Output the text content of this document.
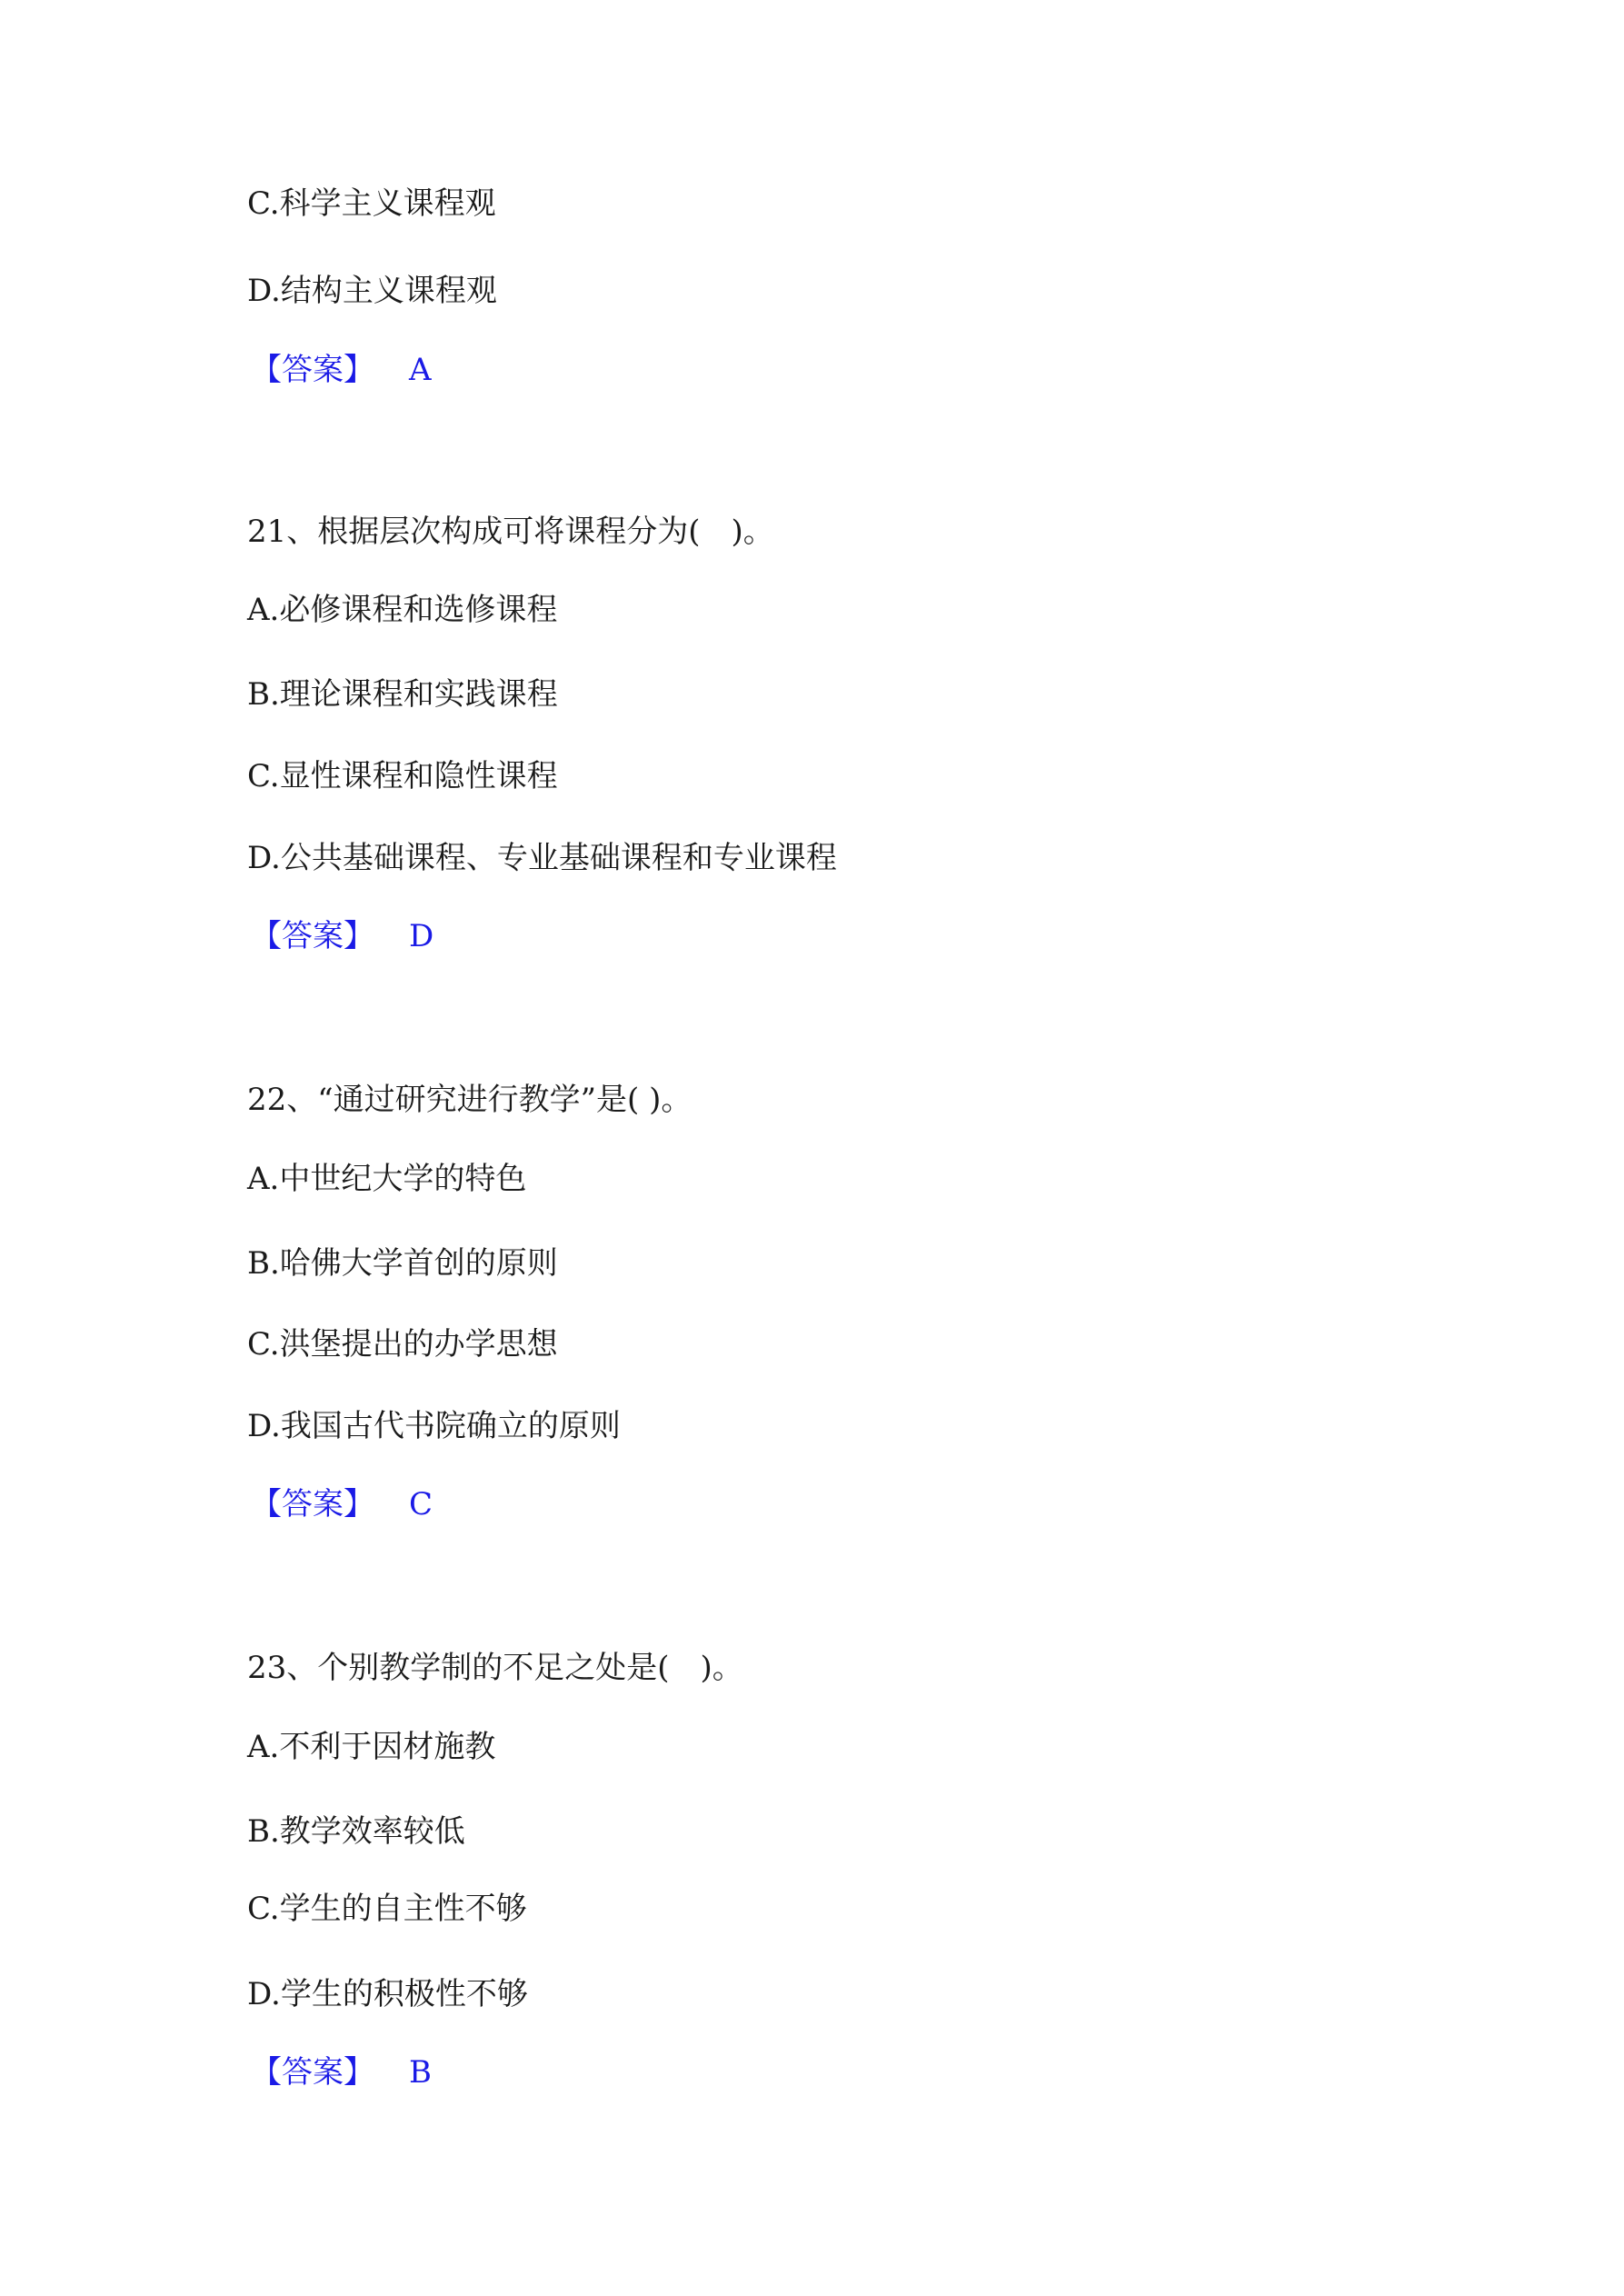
C.科学主义课程观
D.结构主义课程观
【答案】 A
21、根据层次构成可将课程分为(　)。
A.必修课程和选修课程
B.理论课程和实践课程
C.显性课程和隐性课程
D.公共基础课程、专业基础课程和专业课程
【答案】 D
22、“通过研究进行教学”是( )。
A.中世纪大学的特色
B.哈佛大学首创的原则
C.洪堡提出的办学思想
D.我国古代书院确立的原则
【答案】 C
23、个别教学制的不足之处是(　)。
A.不利于因材施教
B.教学效率较低
C.学生的自主性不够
D.学生的积极性不够
【答案】 B
